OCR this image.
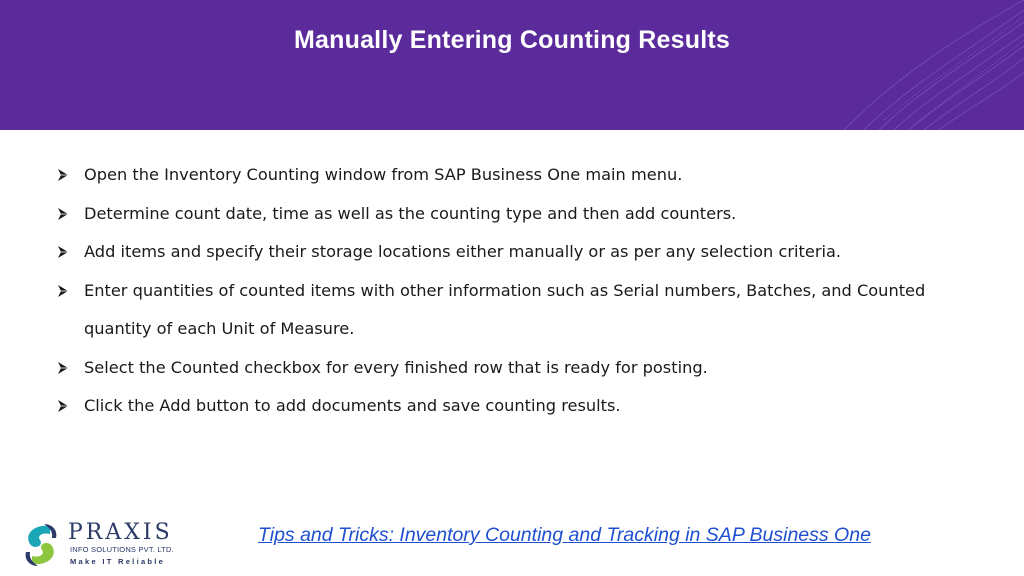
Manually Entering Counting Results
Open the Inventory Counting window from SAP Business One main menu.
Determine count date, time as well as the counting type and then add counters.
Add items and specify their storage locations either manually or as per any selection criteria.
Enter quantities of counted items with other information such as Serial numbers, Batches, and Counted quantity of each Unit of Measure.
Select the Counted checkbox for every finished row that is ready for posting.
Click the Add button to add documents and save counting results.
PRAXIS
INFO SOLUTIONS PVT. LTD.
Make IT Reliable
Tips and Tricks: Inventory Counting and Tracking in SAP Business One
